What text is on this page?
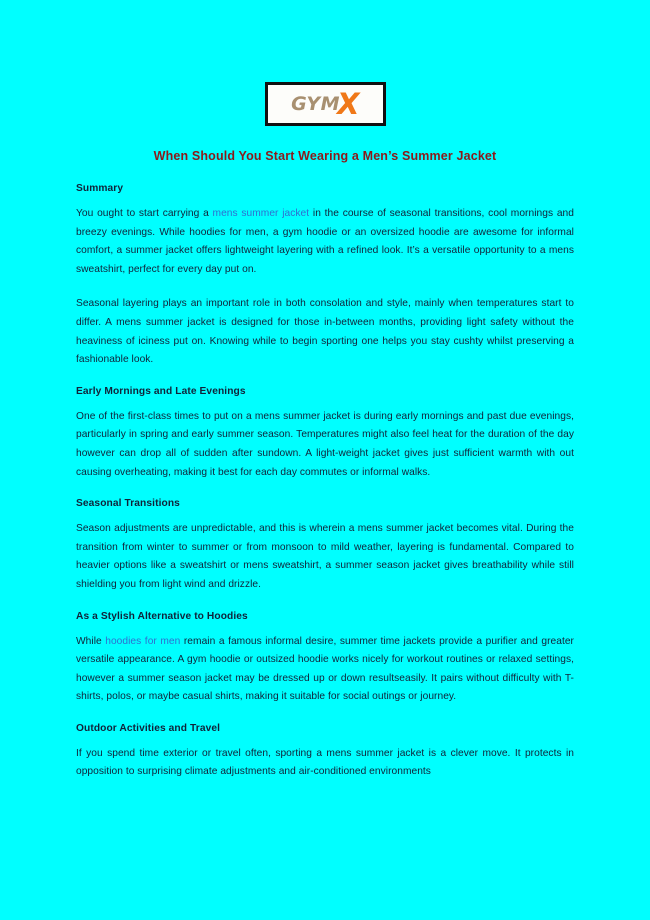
GYM
X
When Should You Start Wearing a Men’s Summer Jacket
Summary

You ought to start carrying a mens summer jacket in the course of seasonal transitions, cool mornings and breezy evenings. While hoodies for men, a gym hoodie or an oversized hoodie are awesome for informal comfort, a summer jacket offers lightweight layering with a refined look. It’s a versatile opportunity to a mens sweatshirt, perfect for every day put on.

Seasonal layering plays an important role in both consolation and style, mainly when temperatures start to differ. A mens summer jacket is designed for those in-between months, providing light safety without the heaviness of iciness put on. Knowing while to begin sporting one helps you stay cushty whilst preserving a fashionable look.

Early Mornings and Late Evenings

One of the first-class times to put on a mens summer jacket is during early mornings and past due evenings, particularly in spring and early summer season. Temperatures might also feel heat for the duration of the day however can drop all of sudden after sundown. A light-weight jacket gives just sufficient warmth with out causing overheating, making it best for each day commutes or informal walks.

Seasonal Transitions

Season adjustments are unpredictable, and this is wherein a mens summer jacket becomes vital. During the transition from winter to summer or from monsoon to mild weather, layering is fundamental. Compared to heavier options like a sweatshirt or mens sweatshirt, a summer season jacket gives breathability while still shielding you from light wind and drizzle.

As a Stylish Alternative to Hoodies

While hoodies for men remain a famous informal desire, summer time jackets provide a purifier and greater versatile appearance. A gym hoodie or outsized hoodie works nicely for workout routines or relaxed settings, however a summer season jacket may be dressed up or down resultseasily. It pairs without difficulty with T-shirts, polos, or maybe casual shirts, making it suitable for social outings or journey.

Outdoor Activities and Travel

If you spend time exterior or travel often, sporting a mens summer jacket is a clever move. It protects in opposition to surprising climate adjustments and air-conditioned environments
